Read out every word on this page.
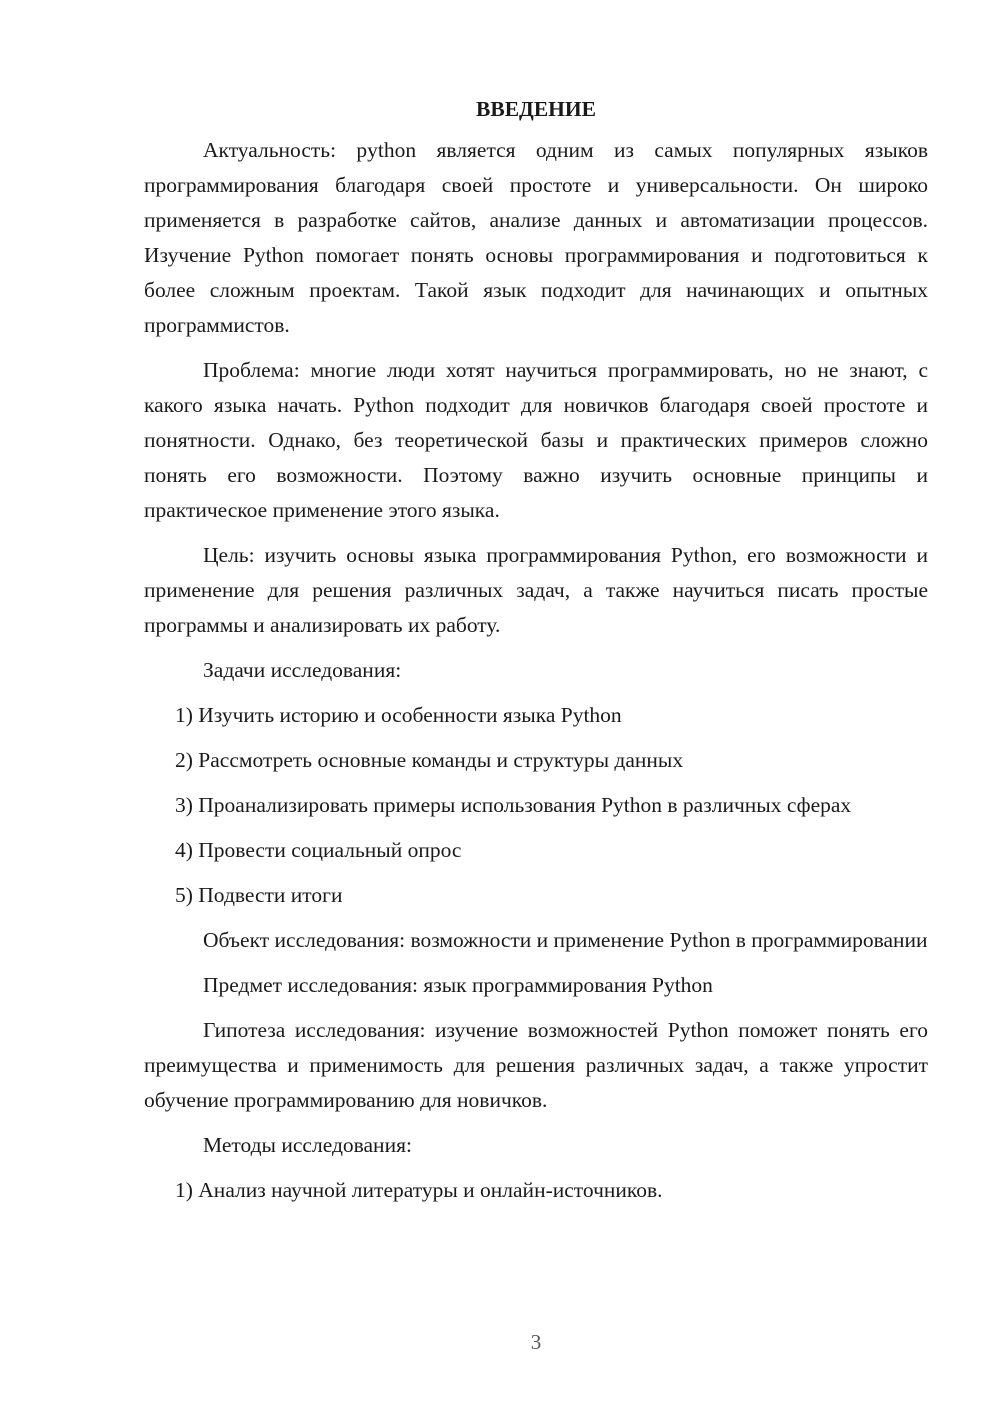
ВВЕДЕНИЕ

Актуальность: python является одним из самых популярных языков программирования благодаря своей простоте и универсальности. Он широко применяется в разработке сайтов, анализе данных и автоматизации процессов. Изучение Python помогает понять основы программирования и подготовиться к более сложным проектам. Такой язык подходит для начинающих и опытных программистов.

Проблема: многие люди хотят научиться программировать, но не знают, с какого языка начать. Python подходит для новичков благодаря своей простоте и понятности. Однако, без теоретической базы и практических примеров сложно понять его возможности. Поэтому важно изучить основные принципы и практическое применение этого языка.

Цель: изучить основы языка программирования Python, его возможности и применение для решения различных задач, а также научиться писать простые программы и анализировать их работу.

Задачи исследования:

1) Изучить историю и особенности языка Python

2) Рассмотреть основные команды и структуры данных

3) Проанализировать примеры использования Python в различных сферах

4) Провести социальный опрос

5) Подвести итоги

Объект исследования: возможности и применение Python в программировании

Предмет исследования: язык программирования Python

Гипотеза исследования: изучение возможностей Python поможет понять его преимущества и применимость для решения различных задач, а также упростит обучение программированию для новичков.

Методы исследования:

1) Анализ научной литературы и онлайн-источников.

3
